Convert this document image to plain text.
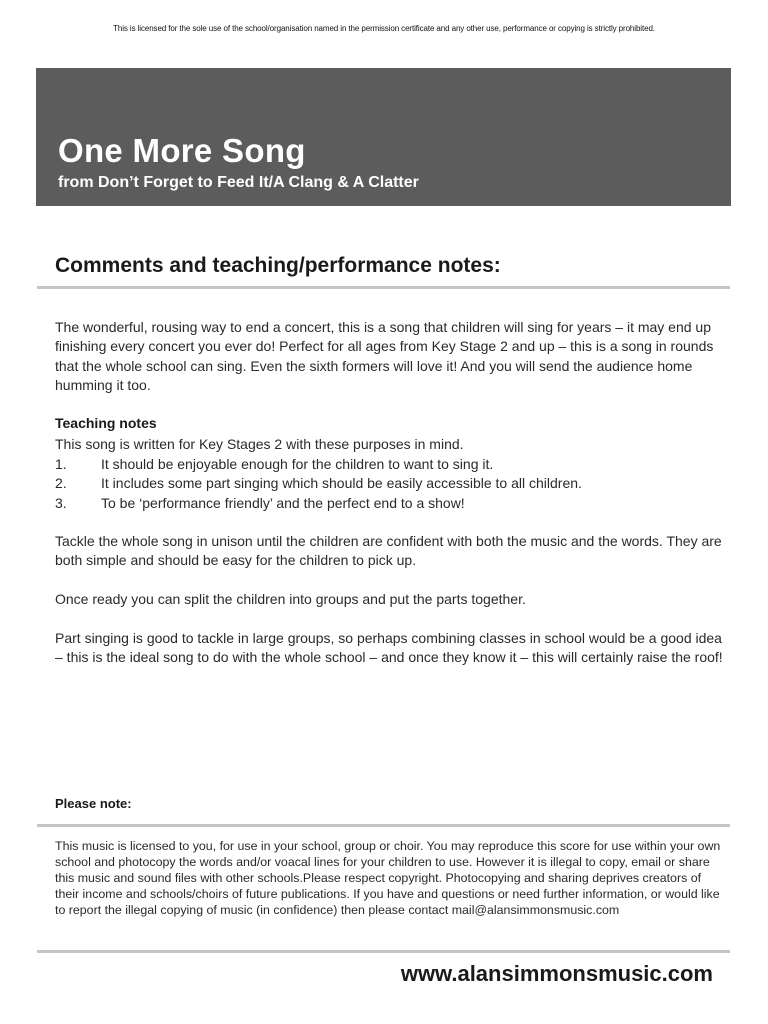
This is licensed for the sole use of the school/organisation named in the permission certificate and any other use, performance or copying is strictly prohibited.
One More Song
from Don’t Forget to Feed It/A Clang & A Clatter
Comments and teaching/performance notes:
The wonderful, rousing way to end a concert, this is a song that children will sing for years – it may end up finishing every concert you ever do! Perfect for all ages from Key Stage 2 and up – this is a song in rounds that the whole school can sing. Even the sixth formers will love it! And you will send the audience home humming it too.
Teaching notes
This song is written for Key Stages 2 with these purposes in mind.
1.	It should be enjoyable enough for the children to want to sing it.
2.	It includes some part singing which should be easily accessible to all children.
3.	To be ‘performance friendly’ and the perfect end to a show!
Tackle the whole song in unison until the children are confident with both the music and the words. They are both simple and should be easy for the children to pick up.
Once ready you can split the children into groups and put the parts together.
Part singing is good to tackle in large groups, so perhaps combining classes in school would be a good idea – this is the ideal song to do with the whole school – and once they know it – this will certainly raise the roof!
Please note:
This music is licensed to you, for use in your school, group or choir. You may reproduce this score for use within your own school and photocopy the words and/or voacal lines for your children to use. However it is illegal to copy, email or share this music and sound files with other schools.Please respect copyright. Photocopying and sharing deprives creators of their income and schools/choirs of future publications. If you have and questions or need further information, or would like to report the illegal copying of music (in confidence) then please contact mail@alansimmonsmusic.com
www.alansimmonsmusic.com
